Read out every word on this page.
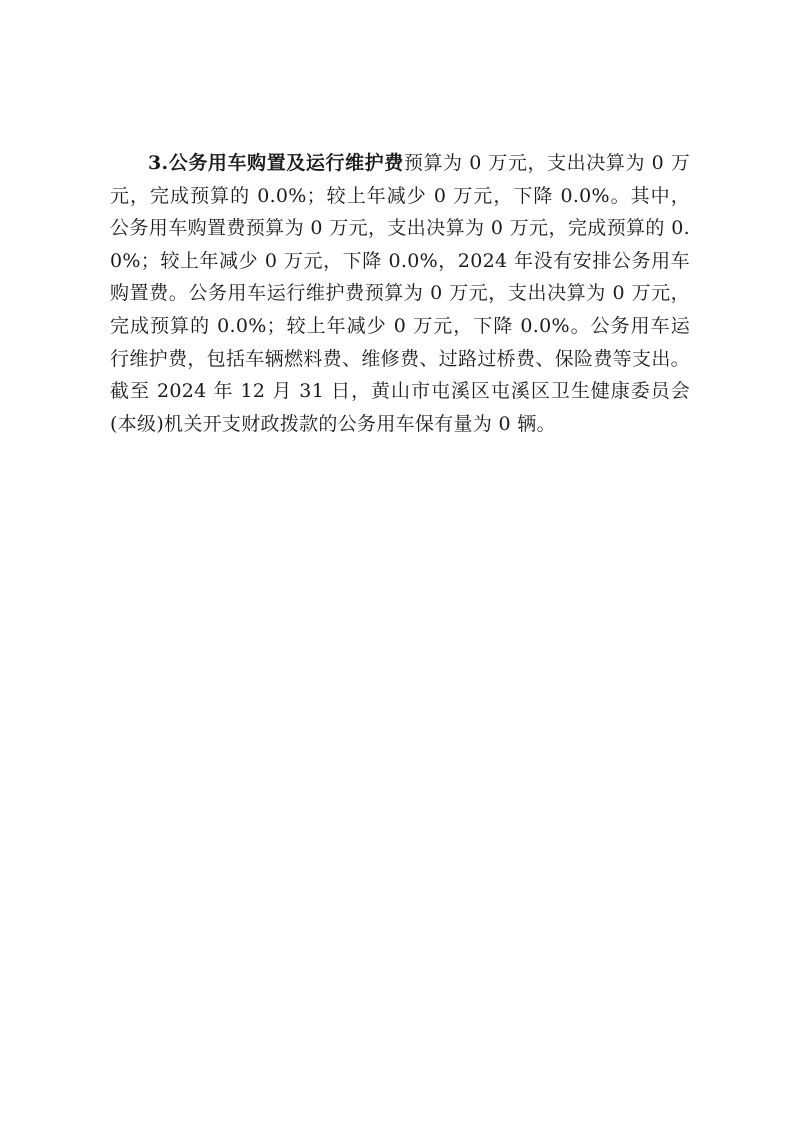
3.公务用车购置及运行维护费预算为 0 万元，支出决算为 0 万元，完成预算的 0.0%；较上年减少 0 万元，下降 0.0%。其中，公务用车购置费预算为 0 万元，支出决算为 0 万元，完成预算的 0.0%；较上年减少 0 万元，下降 0.0%，2024 年没有安排公务用车购置费。公务用车运行维护费预算为 0 万元，支出决算为 0 万元，完成预算的 0.0%；较上年减少 0 万元，下降 0.0%。公务用车运行维护费，包括车辆燃料费、维修费、过路过桥费、保险费等支出。截至 2024 年 12 月 31 日，黄山市屯溪区屯溪区卫生健康委员会(本级)机关开支财政拨款的公务用车保有量为 0 辆。
